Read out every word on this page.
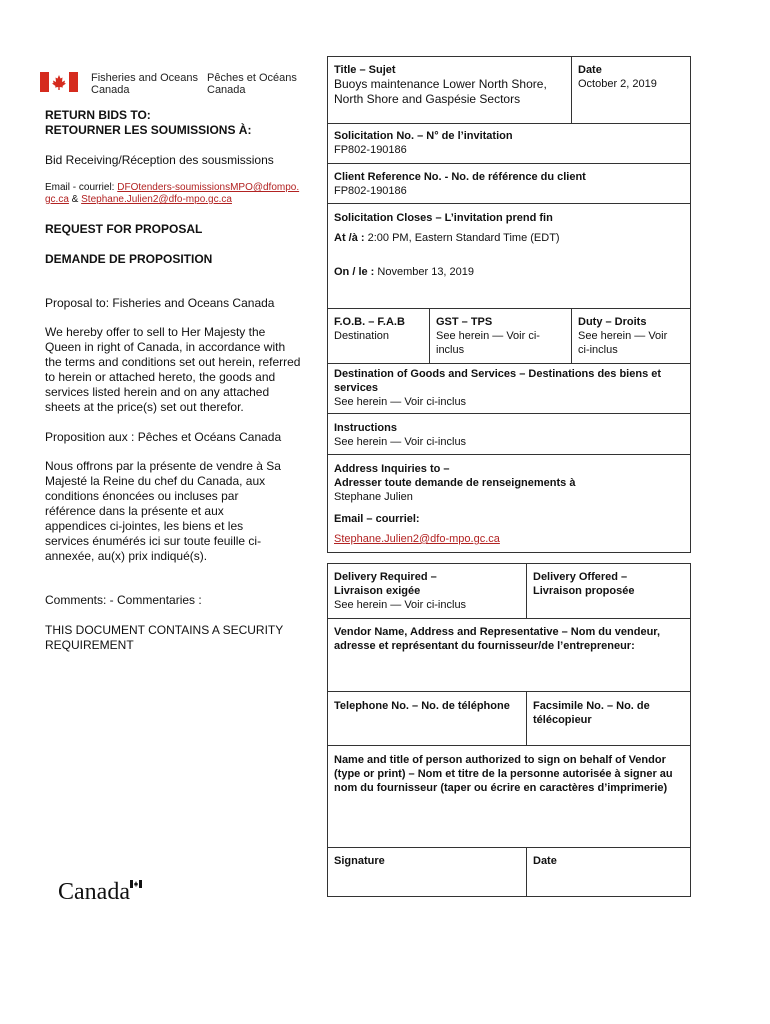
Fisheries and Oceans
Canada
Pêches et Océans
Canada
RETURN BIDS TO:
RETOURNER LES SOUMISSIONS À:
Bid Receiving/Réception des sousmissions
Email - courriel: DFOtenders-soumissionsMPO@dfompo.
gc.ca & Stephane.Julien2@dfo-mpo.gc.ca
REQUEST FOR PROPOSAL
DEMANDE DE PROPOSITION
Proposal to: Fisheries and Oceans Canada
We hereby offer to sell to Her Majesty the
Queen in right of Canada, in accordance with
the terms and conditions set out herein, referred
to herein or attached hereto, the goods and
services listed herein and on any attached
sheets at the price(s) set out therefor.
Proposition aux : Pêches et Océans Canada
Nous offrons par la présente de vendre à Sa
Majesté la Reine du chef du Canada, aux
conditions énoncées ou incluses par
référence dans la présente et aux
appendices ci-jointes, les biens et les
services énumérés ici sur toute feuille ci-
annexée, au(x) prix indiqué(s).
Comments: - Commentaries :
THIS DOCUMENT CONTAINS A SECURITY
REQUIREMENT
Canada
Title – Sujet
Buoys maintenance Lower North Shore,
North Shore and Gaspésie Sectors
Date
October 2, 2019
Solicitation No. – N° de l’invitation
FP802-190186
Client Reference No. - No. de référence du client
FP802-190186
Solicitation Closes – L’invitation prend fin
At /à : 2:00 PM, Eastern Standard Time (EDT)
On / le : November 13, 2019
F.O.B. – F.A.B
Destination
GST – TPS
See herein — Voir ci-
inclus
Duty – Droits
See herein — Voir
ci-inclus
Destination of Goods and Services – Destinations des biens et
services
See herein — Voir ci-inclus
Instructions
See herein — Voir ci-inclus
Address Inquiries to –
Adresser toute demande de renseignements à
Stephane Julien
Email – courriel:
Stephane.Julien2@dfo-mpo.gc.ca
Delivery Required –
Livraison exigée
See herein — Voir ci-inclus
Delivery Offered –
Livraison proposée
Vendor Name, Address and Representative – Nom du vendeur,
adresse et représentant du fournisseur/de l’entrepreneur:
Telephone No. – No. de téléphone	Facsimile No. – No. de
télécopieur
Name and title of person authorized to sign on behalf of Vendor
(type or print) – Nom et titre de la personne autorisée à signer au
nom du fournisseur (taper ou écrire en caractères d’imprimerie)
Signature	Date
